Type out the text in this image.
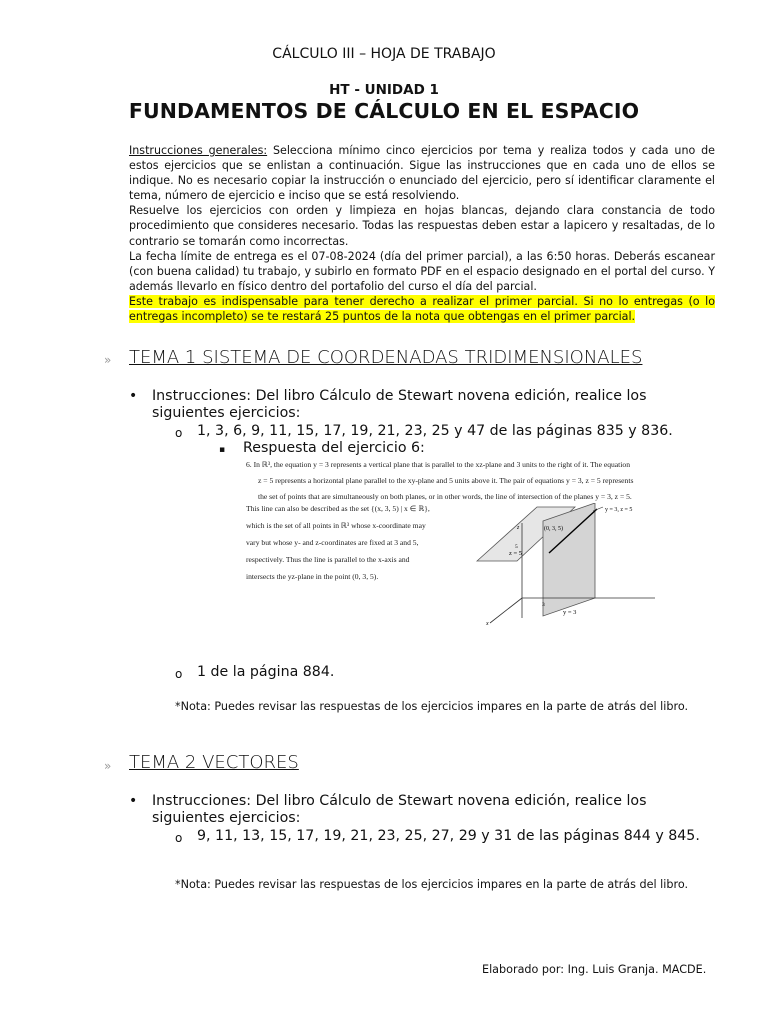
CÁLCULO III – HOJA DE TRABAJO
HT - UNIDAD 1
FUNDAMENTOS DE CÁLCULO EN EL ESPACIO

Instrucciones generales: Selecciona mínimo cinco ejercicios por tema y realiza todos y cada uno de estos ejercicios que se enlistan a continuación. Sigue las instrucciones que en cada uno de ellos se indique. No es necesario copiar la instrucción o enunciado del ejercicio, pero sí identificar claramente el tema, número de ejercicio e inciso que se está resolviendo.

Resuelve los ejercicios con orden y limpieza en hojas blancas, dejando clara constancia de todo procedimiento que consideres necesario. Todas las respuestas deben estar a lapicero y resaltadas, de lo contrario se tomarán como incorrectas.

La fecha límite de entrega es el 07-08-2024 (día del primer parcial), a las 6:50 horas. Deberás escanear (con buena calidad) tu trabajo, y subirlo en formato PDF en el espacio designado en el portal del curso. Y además llevarlo en físico dentro del portafolio del curso el día del parcial.

Este trabajo es indispensable para tener derecho a realizar el primer parcial. Si no lo entregas (o lo entregas incompleto) se te restará 25 puntos de la nota que obtengas en el primer parcial.

» TEMA 1 SISTEMA DE COORDENADAS TRIDIMENSIONALES
• Instrucciones: Del libro Cálculo de Stewart novena edición, realice los siguientes ejercicios:
o 1, 3, 6, 9, 11, 15, 17, 19, 21, 23, 25 y 47 de las páginas 835 y 836.
▪ Respuesta del ejercicio 6:
6. In ℝ³, the equation y = 3 represents a vertical plane that is parallel to the xz-plane and 3 units to the right of it. The equation
z = 5 represents a horizontal plane parallel to the xy-plane and 5 units above it. The pair of equations y = 3, z = 5 represents
the set of points that are simultaneously on both planes, or in other words, the line of intersection of the planes y = 3, z = 5.
This line can also be described as the set {(x, 3, 5) | x ∈ ℝ},
which is the set of all points in ℝ³ whose x-coordinate may
vary but whose y- and z-coordinates are fixed at 3 and 5,
respectively. Thus the line is parallel to the x-axis and
intersects the yz-plane in the point (0, 3, 5).
y = 3, z = 5
(0, 3, 5)
z = 5
y = 3
z
x
5
3
o 1 de la página 884.
*Nota: Puedes revisar las respuestas de los ejercicios impares en la parte de atrás del libro.
» TEMA 2 VECTORES
• Instrucciones: Del libro Cálculo de Stewart novena edición, realice los siguientes ejercicios:
o 9, 11, 13, 15, 17, 19, 21, 23, 25, 27, 29 y 31 de las páginas 844 y 845.
*Nota: Puedes revisar las respuestas de los ejercicios impares en la parte de atrás del libro.
Elaborado por: Ing. Luis Granja. MACDE.
